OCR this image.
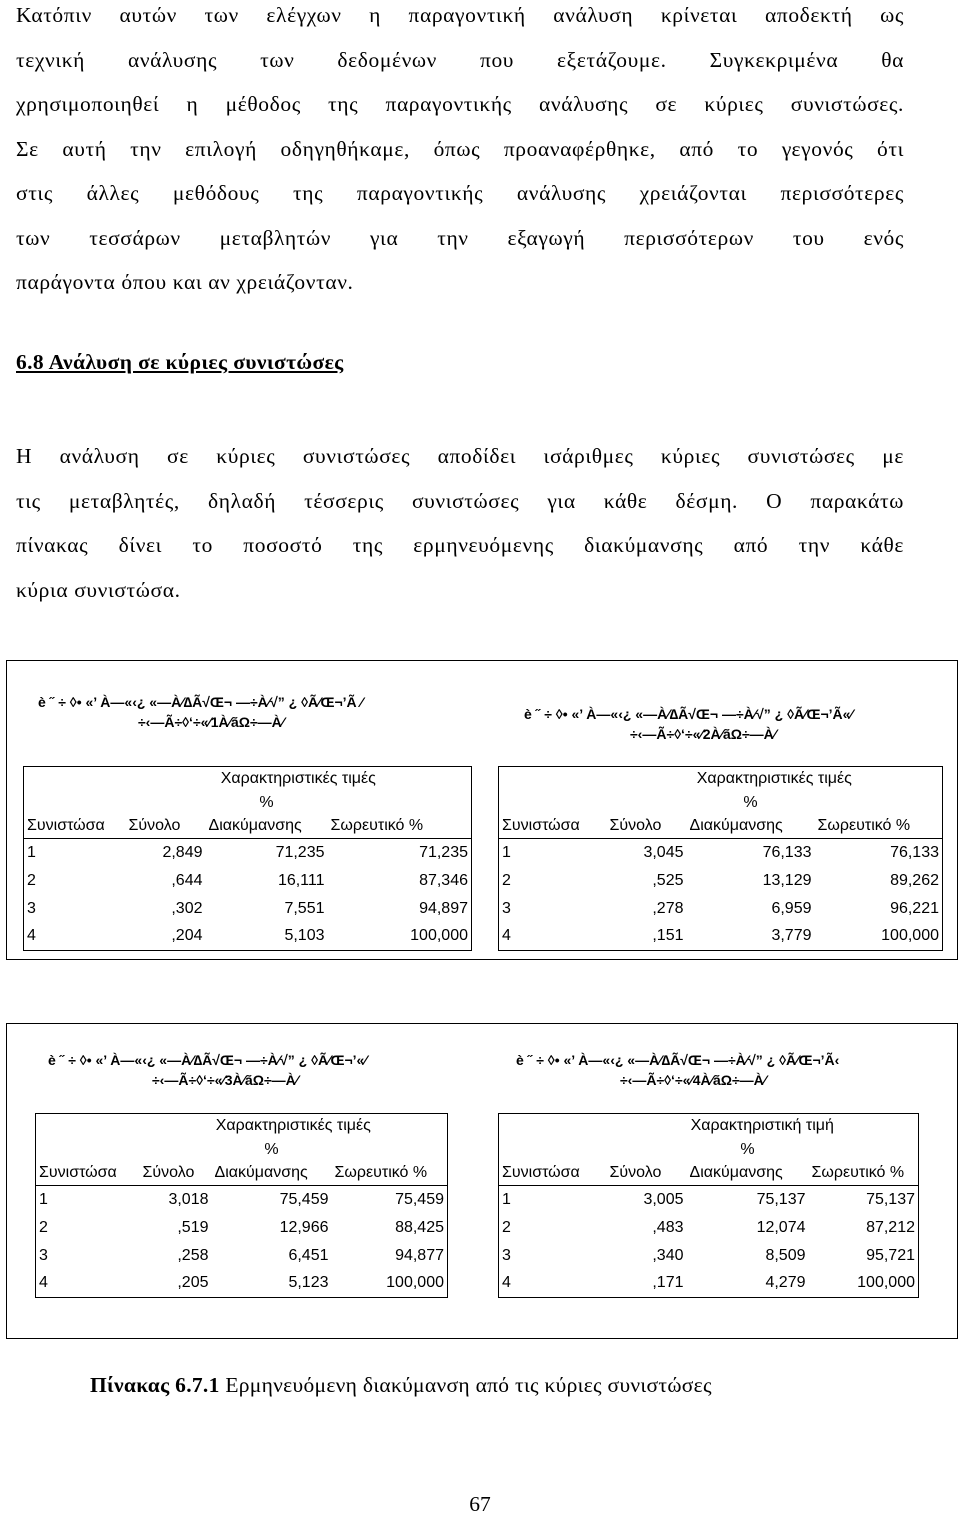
Κατόπιν αυτών των ελέγχων η παραγοντική ανάλυση κρίνεται αποδεκτή ως
τεχνική ανάλυσης των δεδομένων που εξετάζουμε. Συγκεκριμένα θα
χρησιμοποιηθεί η μέθοδος της παραγοντικής ανάλυσης σε κύριες συνιστώσες.
Σε αυτή την επιλογή οδηγηθήκαμε, όπως προαναφέρθηκε, από το γεγονός ότι
στις άλλες μεθόδους της παραγοντικής ανάλυσης χρειάζονται περισσότερες
των τεσσάρων μεταβλητών για την εξαγωγή περισσότερων του ενός
παράγοντα όπου και αν χρειάζονταν.
6.8 Ανάλυση σε κύριες συνιστώσες
Η ανάλυση σε κύριες συνιστώσες αποδίδει ισάριθμες κύριες συνιστώσες με
τις μεταβλητές, δηλαδή τέσσερις συνιστώσες για κάθε δέσμη. Ο παρακάτω
πίνακας δίνει το ποσοστό της ερμηνευόμενης διακύμανσης από την κάθε
κύρια συνιστώσα.
è ˝ ÷ ◊• «’ À—«‹¿ «—À⁄∆Ã√Œ¬ —÷À⁄√” ¿ ◊Ã⁄Œ¬’Ã ⁄
÷‹—Ã÷◊‘÷«⁄1À⁄ãΩ÷—À⁄
	Χαρακτηριστικές τιμές		
		%	
Συνιστώσα	Σύνολο	Διακύμανσης	Σωρευτικό %
1	2,849	71,235	71,235
2	,644	16,111	87,346
3	,302	7,551	94,897
4	,204	5,103	100,000
è ˝ ÷ ◊• «’ À—«‹¿ «—À⁄∆Ã√Œ¬ —÷À⁄√” ¿ ◊Ã⁄Œ¬’Ã«⁄
÷‹—Ã÷◊‘÷«⁄2À⁄ãΩ÷—À⁄
	Χαρακτηριστικές τιμές		
		%	
Συνιστώσα	Σύνολο	Διακύμανσης	Σωρευτικό %
1	3,045	76,133	76,133
2	,525	13,129	89,262
3	,278	6,959	96,221
4	,151	3,779	100,000
è ˝ ÷ ◊• «’ À—«‹¿ «—À⁄∆Ã√Œ¬ —÷À⁄√” ¿ ◊Ã⁄Œ¬’«⁄
÷‹—Ã÷◊‘÷«⁄3À⁄ãΩ÷—À⁄
	Χαρακτηριστικές τιμές		
		%	
Συνιστώσα	Σύνολο	Διακύμανσης	Σωρευτικό %
1	3,018	75,459	75,459
2	,519	12,966	88,425
3	,258	6,451	94,877
4	,205	5,123	100,000
è ˝ ÷ ◊• «’ À—«‹¿ «—À⁄∆Ã√Œ¬ —÷À⁄√” ¿ ◊Ã⁄Œ¬’Ã‹
÷‹—Ã÷◊‘÷«⁄4À⁄ãΩ÷—À⁄
	Χαρακτηριστική τιμή		
		%	
Συνιστώσα	Σύνολο	Διακύμανσης	Σωρευτικό %
1	3,005	75,137	75,137
2	,483	12,074	87,212
3	,340	8,509	95,721
4	,171	4,279	100,000
Πίνακας 6.7.1 Ερμηνευόμενη διακύμανση από τις κύριες συνιστώσες
67
